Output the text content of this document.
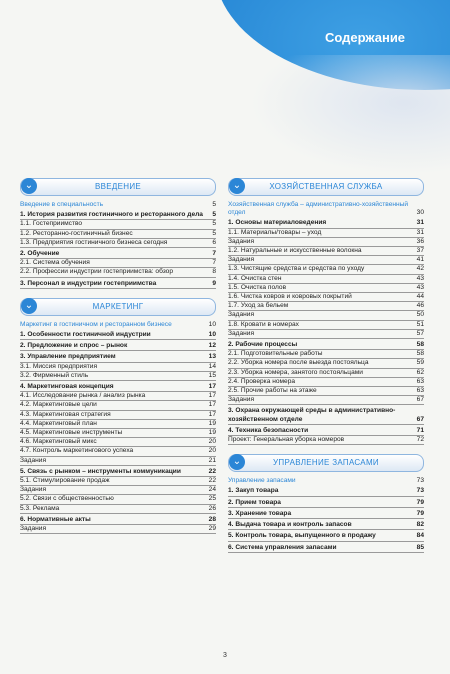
Содержание
⌄	ВВЕДЕНИЕ
Введение в специальность	5
1. История развития гостиничного и ресторанного дела	5
1.1. Гостеприимство	5
1.2. Ресторанно-гостиничный бизнес	5
1.3. Предприятия гостиничного бизнеса сегодня	6
2. Обучение	7
2.1. Система обучения	7
2.2. Профессии индустрии гостеприимства: обзор	8
3. Персонал в индустрии гостеприимства	9
⌄	МАРКЕТИНГ
Маркетинг в гостиничном и ресторанном бизнесе	10
1. Особенности гостиничной индустрии	10
2. Предложение и спрос – рынок	12
3. Управление предприятием	13
3.1. Миссия предприятия	14
3.2. Фирменный стиль	15
4. Маркетинговая концепция	17
4.1. Исследование рынка / анализ рынка	17
4.2. Маркетинговые цели	17
4.3. Маркетинговая стратегия	17
4.4. Маркетинговый план	19
4.5. Маркетинговые инструменты	19
4.6. Маркетинговый микс	20
4.7. Контроль маркетингового успеха	20
Задания	21
5. Связь с рынком – инструменты коммуникации	22
5.1. Стимулирование продаж	22
Задания	24
5.2. Связи с общественностью	25
5.3. Реклама	26
6. Нормативные акты	28
Задания	29
⌄	ХОЗЯЙСТВЕННАЯ СЛУЖБА
Хозяйственная служба – административно-хозяйственный отдел	30
1. Основы материаловедения	31
1.1. Материалы/товары – уход	31
Задания	36
1.2. Натуральные и искусственные волокна	37
Задания	41
1.3. Чистящие средства и средства по уходу	42
1.4. Очистка стен	43
1.5. Очистка полов	43
1.6. Чистка ковров и ковровых покрытий	44
1.7. Уход за бельем	46
Задания	50
1.8. Кровати в номерах	51
Задания	57
2. Рабочие процессы	58
2.1. Подготовительные работы	58
2.2. Уборка номера после выезда постояльца	59
2.3. Уборка номера, занятого постояльцами	62
2.4. Проверка номера	63
2.5. Прочие работы на этаже	63
Задания	67
3. Охрана окружающей среды в административно-хозяйственном отделе	67
4. Техника безопасности	71
Проект: Генеральная уборка номеров	72
⌄	УПРАВЛЕНИЕ ЗАПАСАМИ
Управление запасами	73
1. Закуп товара	73
2. Прием товара	79
3. Хранение товара	79
4. Выдача товара и контроль запасов	82
5. Контроль товара, выпущенного в продажу	84
6. Система управления запасами	85
3
